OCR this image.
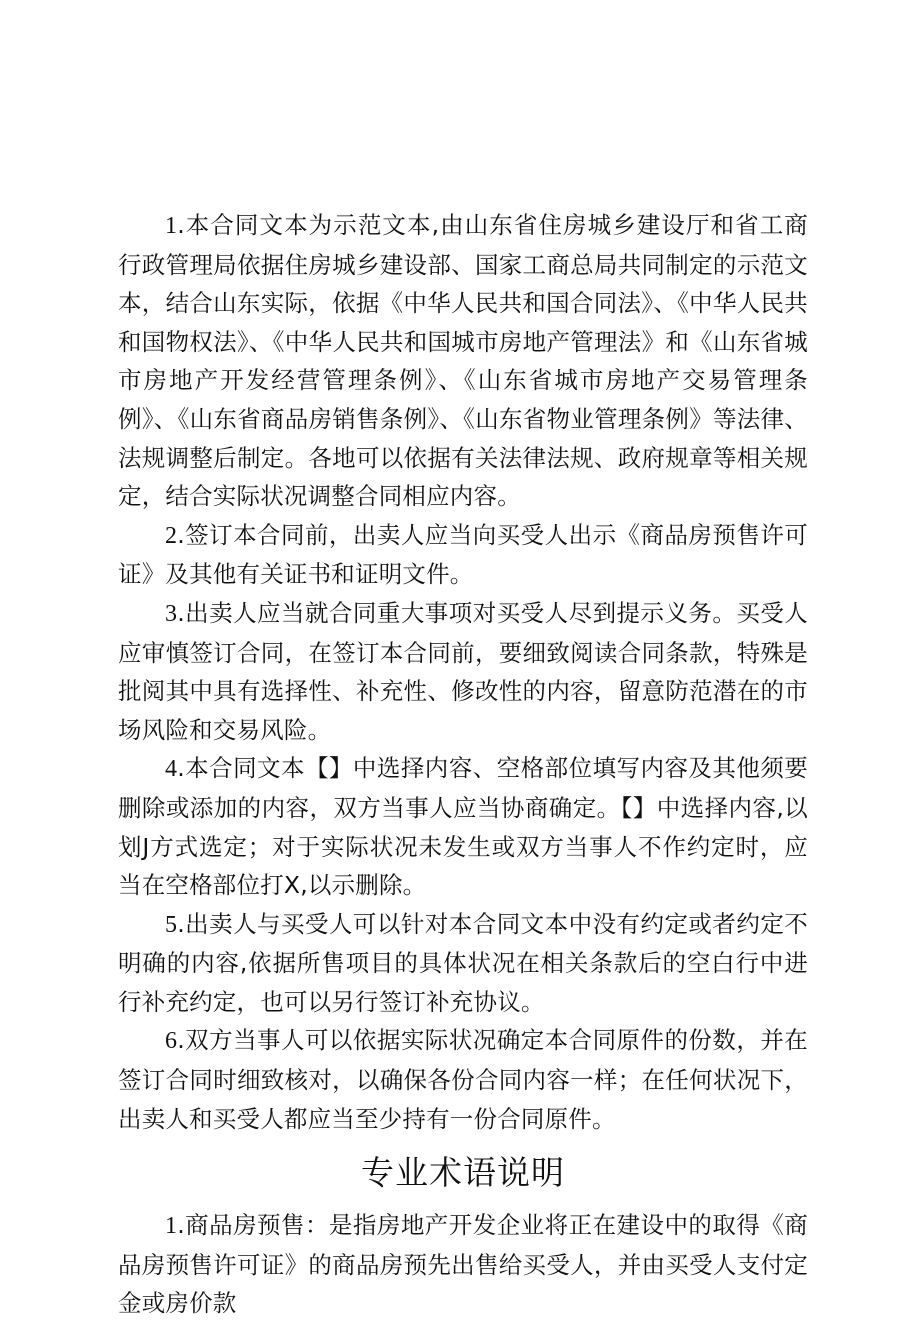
1.本合同文本为示范文本,由山东省住房城乡建设厅和省工商行政管理局依据住房城乡建设部、国家工商总局共同制定的示范文本，结合山东实际，依据《中华人民共和国合同法》、《中华人民共和国物权法》、《中华人民共和国城市房地产管理法》和《山东省城市房地产开发经营管理条例》、《山东省城市房地产交易管理条例》、《山东省商品房销售条例》、《山东省物业管理条例》等法律、法规调整后制定。各地可以依据有关法律法规、政府规章等相关规定，结合实际状况调整合同相应内容。

2.签订本合同前，出卖人应当向买受人出示《商品房预售许可证》及其他有关证书和证明文件。

3.出卖人应当就合同重大事项对买受人尽到提示义务。买受人应审慎签订合同，在签订本合同前，要细致阅读合同条款，特殊是批阅其中具有选择性、补充性、修改性的内容，留意防范潜在的市场风险和交易风险。

4.本合同文本【】中选择内容、空格部位填写内容及其他须要删除或添加的内容，双方当事人应当协商确定。【】中选择内容,以划J方式选定；对于实际状况未发生或双方当事人不作约定时，应当在空格部位打X,以示删除。

5.出卖人与买受人可以针对本合同文本中没有约定或者约定不明确的内容,依据所售项目的具体状况在相关条款后的空白行中进行补充约定，也可以另行签订补充协议。

6.双方当事人可以依据实际状况确定本合同原件的份数，并在签订合同时细致核对，以确保各份合同内容一样；在任何状况下，出卖人和买受人都应当至少持有一份合同原件。

专业术语说明

1.商品房预售：是指房地产开发企业将正在建设中的取得《商品房预售许可证》的商品房预先出售给买受人，并由买受人支付定金或房价款
